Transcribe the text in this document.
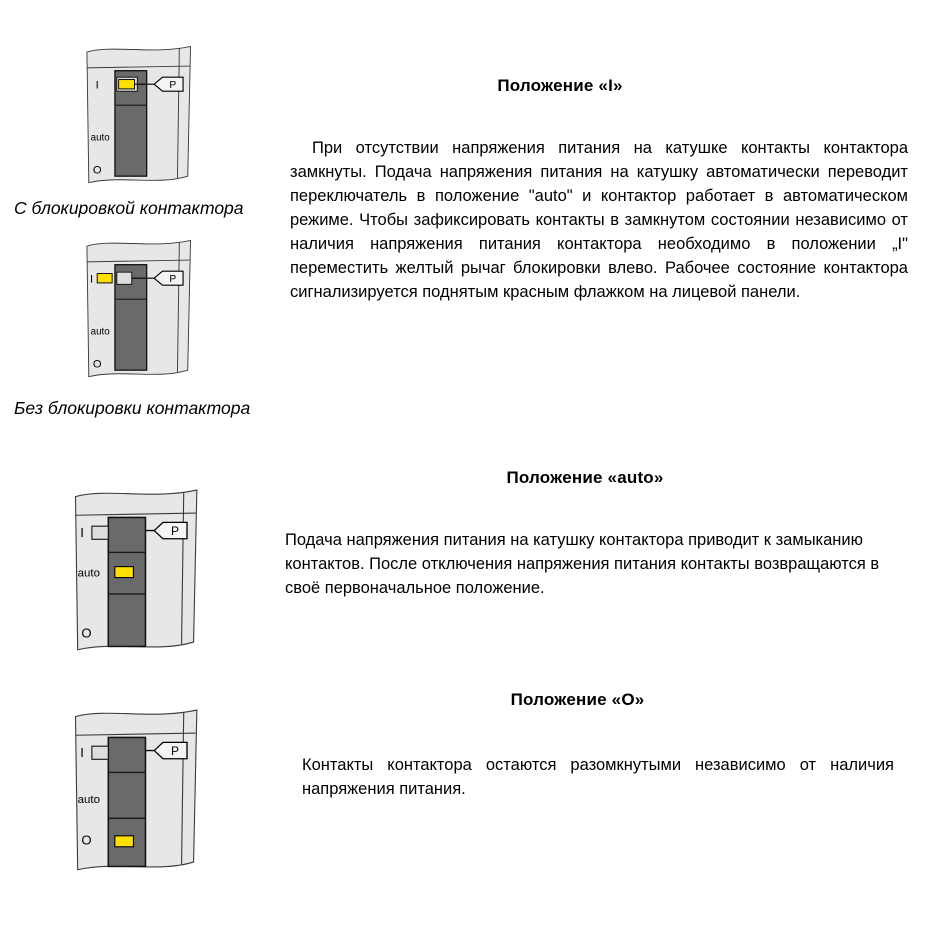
Положение «I»
При отсутствии напряжения питания на катушке контакты контактора замкнуты. Подача напряжения питания на катушку автоматически переводит переключатель в положение "auto" и контактор работает в автоматическом режиме. Чтобы зафиксировать контакты в замкнутом состоянии независимо от наличия напряжения питания контактора необходимо в положении „I" переместить желтый рычаг блокировки влево. Рабочее состояние контактора сигнализируется поднятым красным флажком на лицевой панели.
P
I
auto
O
С блокировкой контактора
P
I
auto
O
Без блокировки контактора
Положение «auto»
Подача напряжения питания на катушку контактора приводит к замыканию контактов. После отключения напряжения питания контакты возвращаются в своё первоначальное положение.
P
I
auto
O
Положение «О»
Контакты контактора остаются разомкнутыми независимо от наличия напряжения питания.
P
I
auto
O
